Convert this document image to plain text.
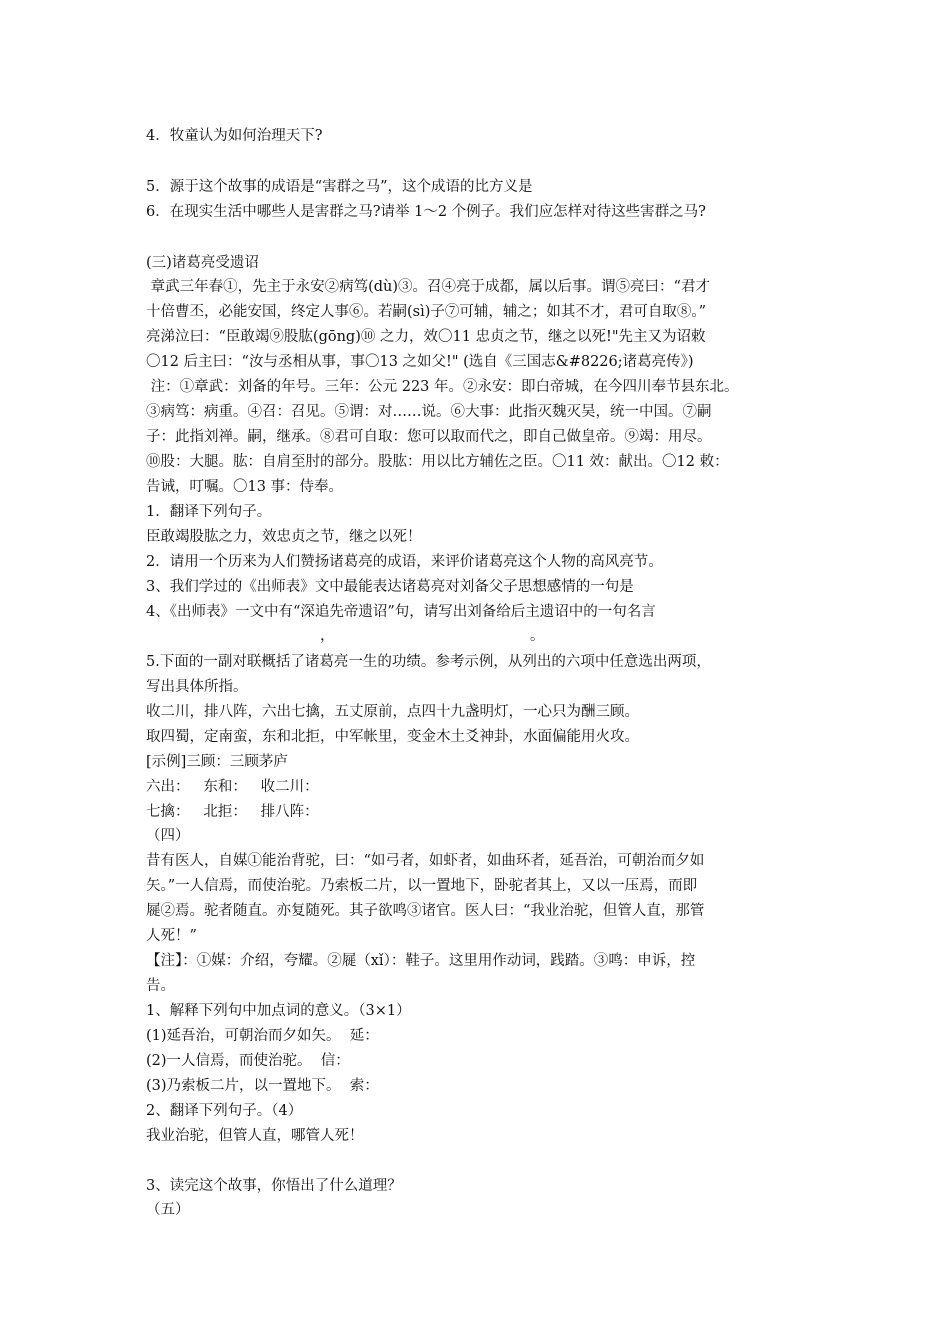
4．牧童认为如何治理天下?
5．源于这个故事的成语是“害群之马”，这个成语的比方义是
6．在现实生活中哪些人是害群之马?请举 1～2 个例子。我们应怎样对待这些害群之马?
(三)诸葛亮受遗诏
章武三年春①，先主于永安②病笃(dù)③。召④亮于成都，属以后事。谓⑤亮曰：“君才
十倍曹丕，必能安国，终定人事⑥。若嗣(sì)子⑦可辅，辅之；如其不才，君可自取⑧。”
亮涕泣曰：“臣敢竭⑨股肱(gōng)⑩ 之力，效〇11 忠贞之节，继之以死!"先主又为诏敕
〇12 后主曰：“汝与丞相从事，事〇13 之如父!" (选自《三国志&#8226;诸葛亮传》)
注：①章武：刘备的年号。三年：公元 223 年。②永安：即白帝城，在今四川奉节县东北。
③病笃：病重。④召：召见。⑤谓：对……说。⑥大事：此指灭魏灭吴，统一中国。⑦嗣
子：此指刘禅。嗣，继承。⑧君可自取：您可以取而代之，即自己做皇帝。⑨竭：用尽。
⑩股：大腿。肱：自肩至肘的部分。股肱：用以比方辅佐之臣。〇11 效：献出。〇12 敕：
告诫，叮嘱。〇13 事：侍奉。
1．翻译下列句子。
臣敢竭股肱之力，效忠贞之节，继之以死！
2．请用一个历来为人们赞扬诸葛亮的成语，来评价诸葛亮这个人物的高风亮节。
3、我们学过的《出师表》文中最能表达诸葛亮对刘备父子思想感情的一句是
4、《出师表》一文中有“深追先帝遗诏”句，请写出刘备给后主遗诏中的一句名言
，	。
5.下面的一副对联概括了诸葛亮一生的功绩。参考示例，从列出的六项中任意选出两项，
写出具体所指。
收二川，排八阵，六出七擒，五丈原前，点四十九盏明灯，一心只为酬三顾。
取四蜀，定南蛮，东和北拒，中军帐里，变金木土爻神卦，水面偏能用火攻。
[示例]三顾：三顾茅庐
六出：   东和：   收二川：
七擒：   北拒：   排八阵：
（四）
昔有医人，自媒①能治背驼，曰：“如弓者，如虾者，如曲环者，延吾治，可朝治而夕如
矢。”一人信焉，而使治驼。乃索板二片，以一置地下，卧驼者其上，又以一压焉，而即
屣②焉。驼者随直。亦复随死。其子欲鸣③诸官。医人曰：“我业治驼，但管人直，那管
人死！”
【注】：①媒：介绍，夸耀。②屣（xǐ）：鞋子。这里用作动词，践踏。③鸣：申诉，控
告。
1、解释下列句中加点词的意义。（3×1）
(1)延吾治，可朝治而夕如矢。  延：
(2)一人信焉，而使治驼。  信：
(3)乃索板二片，以一置地下。  索：
2、翻译下列句子。（4）
我业治驼，但管人直，哪管人死！
3、读完这个故事，你悟出了什么道理？
（五）
